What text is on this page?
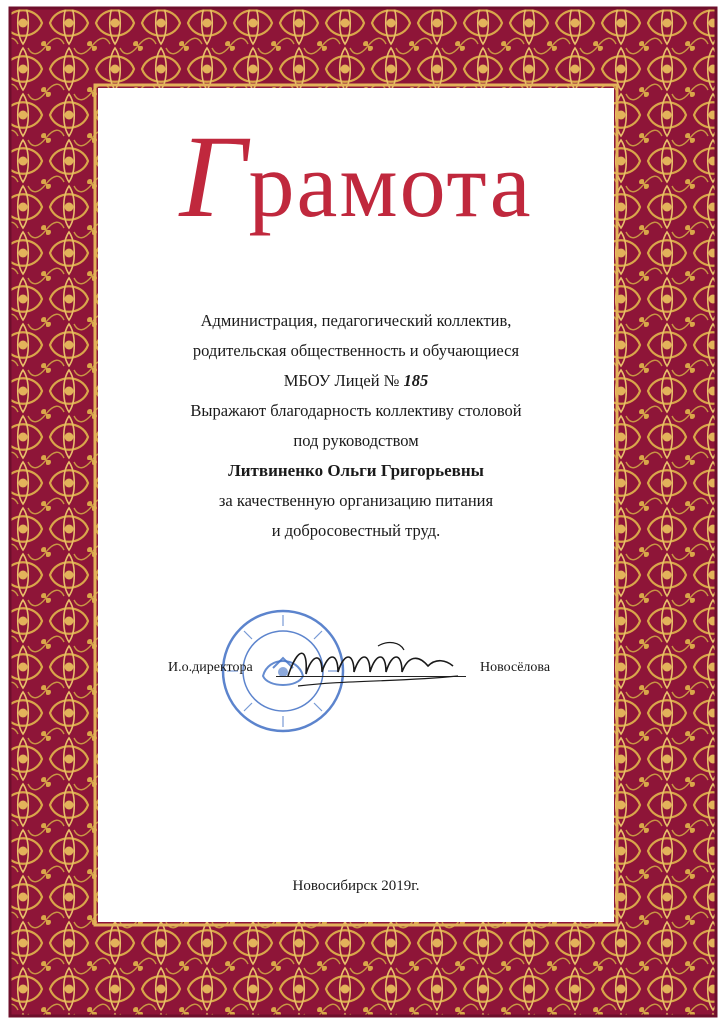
Грамота
Администрация, педагогический коллектив,
родительская общественность и обучающиеся
МБОУ Лицей № 185
Выражают благодарность коллективу столовой
под руководством
Литвиненко Ольги Григорьевны
за качественную организацию питания
и добросовестный труд.
И.о.директора	Новосёлова
Новосибирск 2019г.
